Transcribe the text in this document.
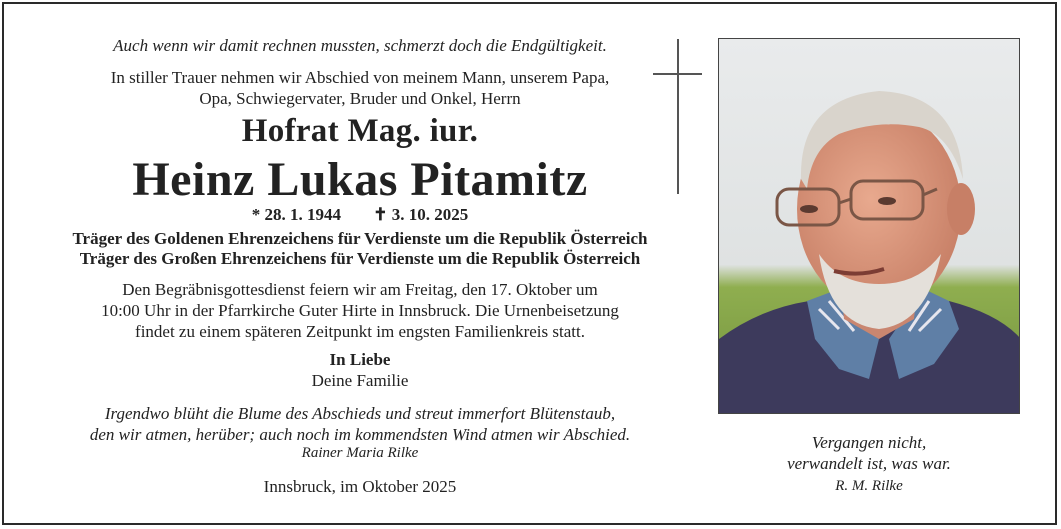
Auch wenn wir damit rechnen mussten, schmerzt doch die Endgültigkeit.
In stiller Trauer nehmen wir Abschied von meinem Mann, unserem Papa,
Opa, Schwiegervater, Bruder und Onkel, Herrn
Hofrat Mag. iur.
Heinz Lukas Pitamitz
* 28. 1. 1944 ✝ 3. 10. 2025
Träger des Goldenen Ehrenzeichens für Verdienste um die Republik Österreich
Träger des Großen Ehrenzeichens für Verdienste um die Republik Österreich
Den Begräbnisgottesdienst feiern wir am Freitag, den 17. Oktober um
10:00 Uhr in der Pfarrkirche Guter Hirte in Innsbruck. Die Urnenbeisetzung
findet zu einem späteren Zeitpunkt im engsten Familienkreis statt.
In Liebe
Deine Familie
Irgendwo blüht die Blume des Abschieds und streut immerfort Blütenstaub,
den wir atmen, herüber; auch noch im kommendsten Wind atmen wir Abschied.
Rainer Maria Rilke
Innsbruck, im Oktober 2025
Vergangen nicht,
verwandelt ist, was war.
R. M. Rilke
